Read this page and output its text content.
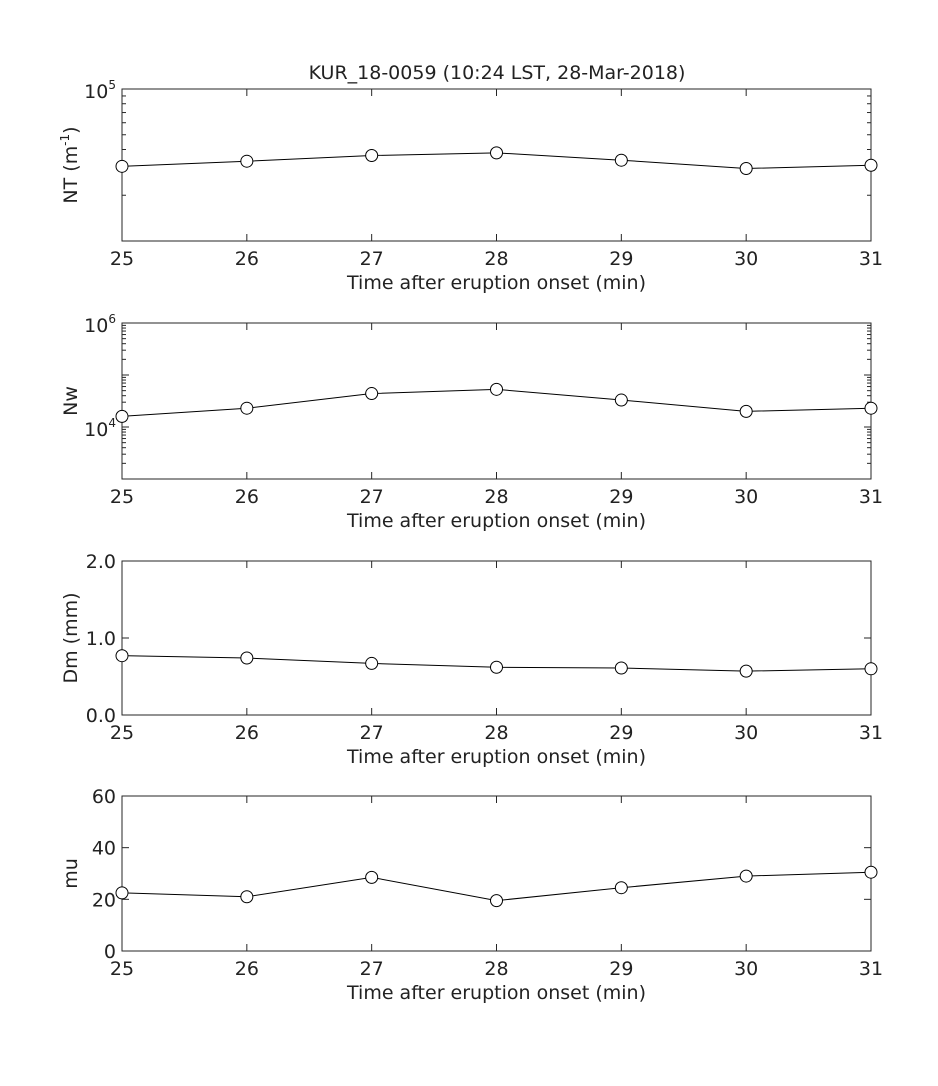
KUR_18-0059 (10:24 LST, 28-Mar-2018)
25	26	27	28	29	30	31
Time after eruption onset (min)
$10^5$
NT $(m^{-1})$
25	26	27	28	29	30	31
Time after eruption onset (min)
$10^6$
$10^4$
Nw
25	26	27	28	29	30	31
Time after eruption onset (min)
0.0
1.0
2.0
Dm (mm)
25	26	27	28	29	30	31
Time after eruption onset (min)
0
20
40
60
mu
